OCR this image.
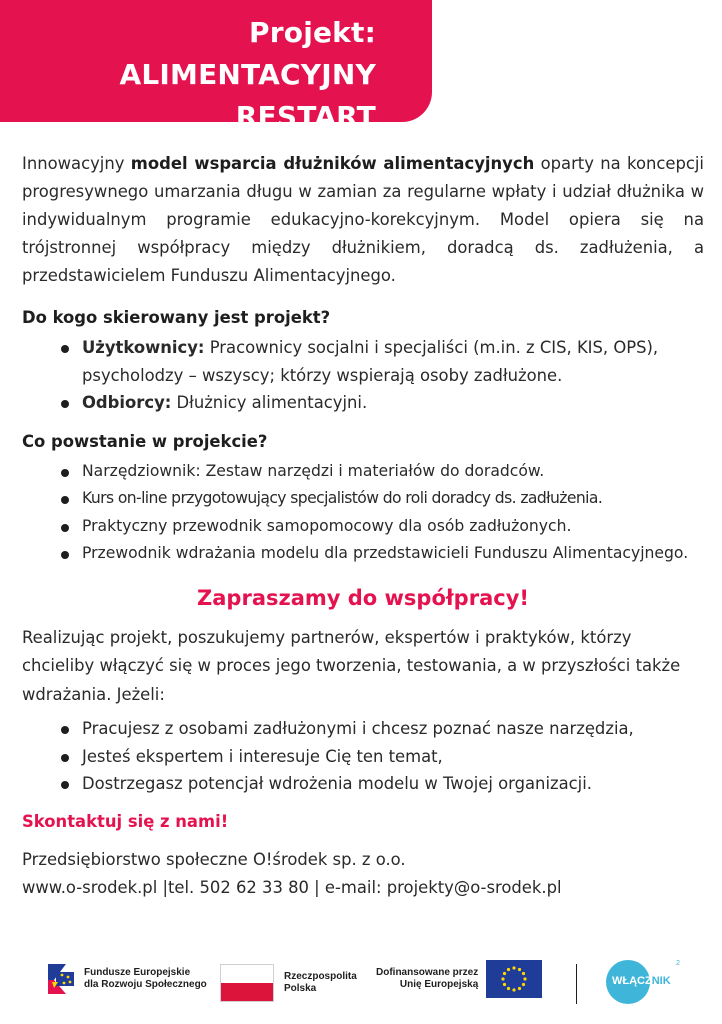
Projekt: ALIMENTACYJNY
RESTART

Innowacyjny model wsparcia dłużników alimentacyjnych oparty na koncepcji progresywnego umarzania długu w zamian za regularne wpłaty i udział dłużnika w indywidualnym programie edukacyjno-korekcyjnym. Model opiera się na trójstronnej współpracy między dłużnikiem, doradcą ds. zadłużenia, a przedstawicielem Funduszu Alimentacyjnego.

Do kogo skierowany jest projekt?

Użytkownicy: Pracownicy socjalni i specjaliści (m.in. z CIS, KIS, OPS), psycholodzy – wszyscy; którzy wspierają osoby zadłużone.
Odbiorcy: Dłużnicy alimentacyjni.

Co powstanie w projekcie?

Narzędziownik: Zestaw narzędzi i materiałów do doradców.
Kurs on-line przygotowujący specjalistów do roli doradcy ds. zadłużenia.
Praktyczny przewodnik samopomocowy dla osób zadłużonych.
Przewodnik wdrażania modelu dla przedstawicieli Funduszu Alimentacyjnego.

Zapraszamy do współpracy!

Realizując projekt, poszukujemy partnerów, ekspertów i praktyków, którzy chcieliby włączyć się w proces jego tworzenia, testowania, a w przyszłości także wdrażania. Jeżeli:

Pracujesz z osobami zadłużonymi i chcesz poznać nasze narzędzia,
Jesteś ekspertem i interesuje Cię ten temat,
Dostrzegasz potencjał wdrożenia modelu w Twojej organizacji.

Skontaktuj się z nami!

Przedsiębiorstwo społeczne O!środek sp. z o.o.
www.o-srodek.pl |tel. 502 62 33 80 | e-mail: projekty@o-srodek.pl

Fundusze Europejskie
dla Rozwoju Społecznego
Rzeczpospolita
Polska
Dofinansowane przez
Unię Europejską	WŁĄCZNIK
2
